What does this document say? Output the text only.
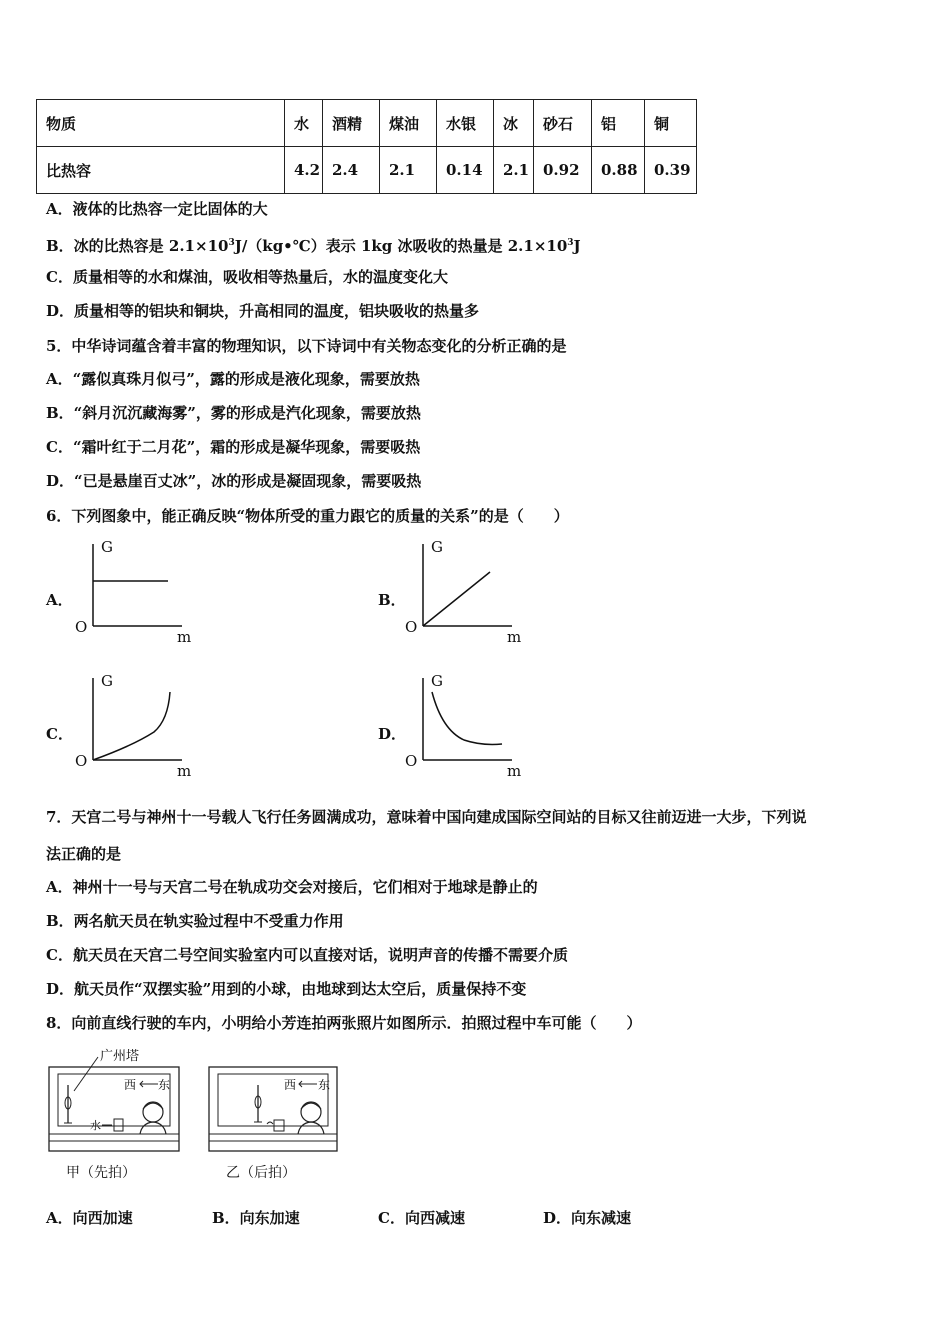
物质	水	酒精	煤油	水银	冰	砂石	铝	铜
比热容	4.2	2.4	2.1	0.14	2.1	0.92	0.88	0.39
A．液体的比热容一定比固体的大
B．冰的比热容是 $2.1\times 10^3J/(kg•℃)$表示 1kg 冰吸收的热量是 $2.1\times 10^3J$
C．质量相等的水和煤油，吸收相等热量后，水的温度变化大
D．质量相等的铝块和铜块，升高相同的温度，铝块吸收的热量多
5．中华诗词蕴含着丰富的物理知识，以下诗词中有关物态变化的分析正确的是
A．“露似真珠月似弓”，露的形成是液化现象，需要放热
B．“斜月沉沉藏海雾”，雾的形成是汽化现象，需要放热
C．“霜叶红于二月花”，霜的形成是凝华现象，需要吸热
D．“已是悬崖百丈冰”，冰的形成是凝固现象，需要吸热
6．下列图象中，能正确反映“物体所受的重力跟它的质量的关系”的是（　　）
A．
G
O
m
B．
G
O
m
C．
G
O
m
D．
G
O
m
7．天宫二号与神州十一号载人飞行任务圆满成功，意味着中国向建成国际空间站的目标又往前迈进一大步，下列说
法正确的是
A．神州十一号与天宫二号在轨成功交会对接后，它们相对于地球是静止的
B．两名航天员在轨实验过程中不受重力作用
C．航天员在天宫二号空间实验室内可以直接对话，说明声音的传播不需要介质
D．航天员作“双摆实验”用到的小球，由地球到达太空后，质量保持不变
8．向前直线行驶的车内，小明给小芳连拍两张照片如图所示．拍照过程中车可能（　　）
广州塔
西 东
水
甲（先拍）
西 东
乙（后拍）
A．向西加速	B．向东加速	C．向西减速	D．向东减速
